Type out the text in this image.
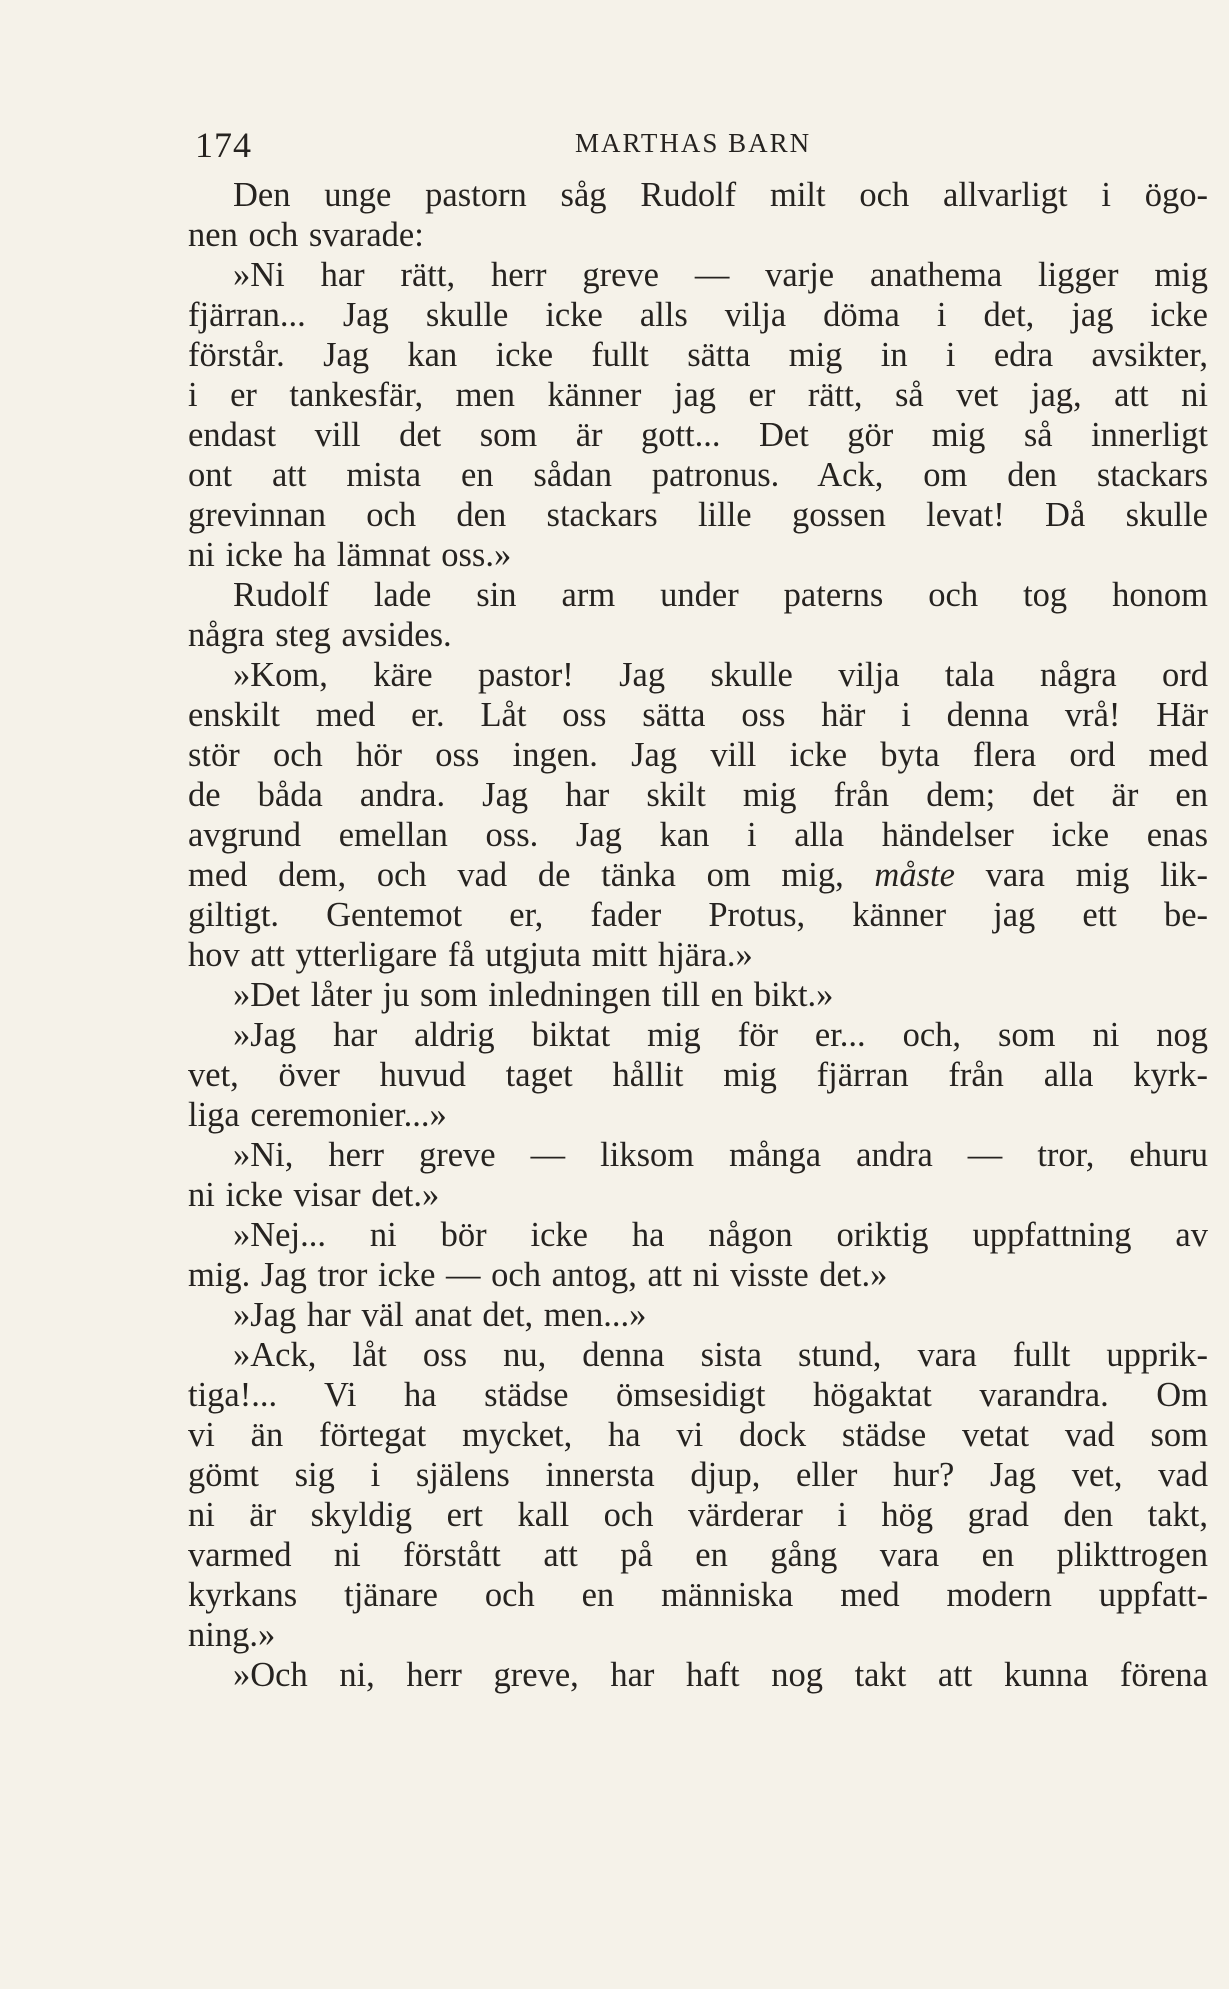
174	MARTHAS BARN
Den unge pastorn såg Rudolf milt och allvarligt i ögo-
nen och svarade:
»Ni har rätt, herr greve — varje anathema ligger mig
fjärran... Jag skulle icke alls vilja döma i det, jag icke
förstår. Jag kan icke fullt sätta mig in i edra avsikter,
i er tankesfär, men känner jag er rätt, så vet jag, att ni
endast vill det som är gott... Det gör mig så innerligt
ont att mista en sådan patronus. Ack, om den stackars
grevinnan och den stackars lille gossen levat! Då skulle
ni icke ha lämnat oss.»
Rudolf lade sin arm under paterns och tog honom
några steg avsides.
»Kom, käre pastor! Jag skulle vilja tala några ord
enskilt med er. Låt oss sätta oss här i denna vrå! Här
stör och hör oss ingen. Jag vill icke byta flera ord med
de båda andra. Jag har skilt mig från dem; det är en
avgrund emellan oss. Jag kan i alla händelser icke enas
med dem, och vad de tänka om mig, måste vara mig lik-
giltigt. Gentemot er, fader Protus, känner jag ett be-
hov att ytterligare få utgjuta mitt hjära.»
»Det låter ju som inledningen till en bikt.»
»Jag har aldrig biktat mig för er... och, som ni nog
vet, över huvud taget hållit mig fjärran från alla kyrk-
liga ceremonier...»
»Ni, herr greve — liksom många andra — tror, ehuru
ni icke visar det.»
»Nej... ni bör icke ha någon oriktig uppfattning av
mig. Jag tror icke — och antog, att ni visste det.»
»Jag har väl anat det, men...»
»Ack, låt oss nu, denna sista stund, vara fullt upprik-
tiga!... Vi ha städse ömsesidigt högaktat varandra. Om
vi än förtegat mycket, ha vi dock städse vetat vad som
gömt sig i själens innersta djup, eller hur? Jag vet, vad
ni är skyldig ert kall och värderar i hög grad den takt,
varmed ni förstått att på en gång vara en plikttrogen
kyrkans tjänare och en människa med modern uppfatt-
ning.»
»Och ni, herr greve, har haft nog takt att kunna förena
